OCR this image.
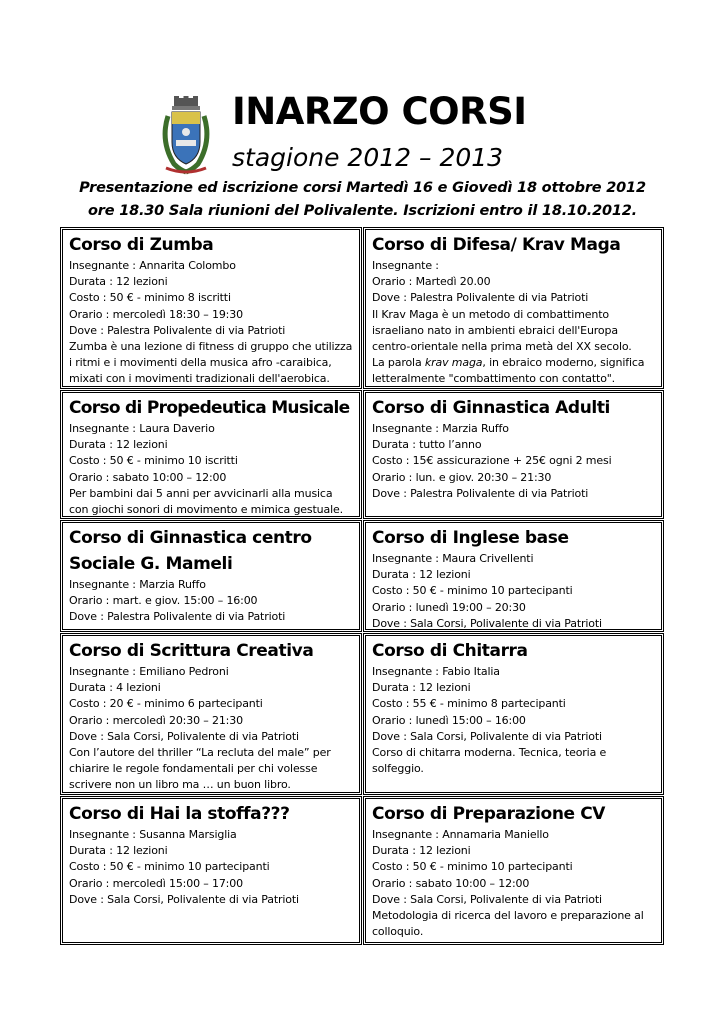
INARZO CORSI
stagione 2012 – 2013
Presentazione ed iscrizione corsi Martedì 16 e Giovedì 18 ottobre 2012
ore 18.30 Sala riunioni del Polivalente. Iscrizioni entro il 18.10.2012.
Corso di Zumba
Insegnante : Annarita Colombo
Durata : 12 lezioni
Costo : 50 € - minimo 8 iscritti
Orario : mercoledì 18:30 – 19:30
Dove : Palestra Polivalente di via Patrioti
Zumba è una lezione di fitness di gruppo che utilizza i ritmi e i movimenti della musica afro -caraibica, mixati con i movimenti tradizionali dell'aerobica.
Corso di Difesa/ Krav Maga
Insegnante :
Orario : Martedì 20.00
Dove : Palestra Polivalente di via Patrioti
Il Krav Maga è un metodo di combattimento israeliano nato in ambienti ebraici dell'Europa centro-orientale nella prima metà del XX secolo.
La parola krav maga, in ebraico moderno, significa letteralmente "combattimento con contatto".
Corso di Propedeutica Musicale
Insegnante : Laura Daverio
Durata : 12 lezioni
Costo : 50 € - minimo 10 iscritti
Orario : sabato 10:00 – 12:00
Per bambini dai 5 anni per avvicinarli alla musica con giochi sonori di movimento e mimica gestuale.
Corso di Ginnastica Adulti
Insegnante : Marzia Ruffo
Durata : tutto l’anno
Costo : 15€ assicurazione + 25€ ogni 2 mesi
Orario : lun. e giov. 20:30 – 21:30
Dove : Palestra Polivalente di via Patrioti
Corso di Ginnastica centro Sociale G. Mameli
Insegnante : Marzia Ruffo
Orario : mart. e giov. 15:00 – 16:00
Dove : Palestra Polivalente di via Patrioti
Corso di Inglese base
Insegnante : Maura Crivellenti
Durata : 12 lezioni
Costo : 50 € - minimo 10 partecipanti
Orario : lunedì 19:00 – 20:30
Dove : Sala Corsi, Polivalente di via Patrioti
Corso di Scrittura Creativa
Insegnante : Emiliano Pedroni
Durata : 4 lezioni
Costo : 20 € - minimo 6 partecipanti
Orario : mercoledì 20:30 – 21:30
Dove : Sala Corsi, Polivalente di via Patrioti
Con l’autore del thriller “La recluta del male” per chiarire le regole fondamentali per chi volesse scrivere non un libro ma … un buon libro.
Corso di Chitarra
Insegnante : Fabio Italia
Durata : 12 lezioni
Costo : 55 € - minimo 8 partecipanti
Orario : lunedì 15:00 – 16:00
Dove : Sala Corsi, Polivalente di via Patrioti
Corso di chitarra moderna. Tecnica, teoria e solfeggio.
Corso di Hai la stoffa???
Insegnante : Susanna Marsiglia
Durata : 12 lezioni
Costo : 50 € - minimo 10 partecipanti
Orario : mercoledì 15:00 – 17:00
Dove : Sala Corsi, Polivalente di via Patrioti
Corso di Preparazione CV
Insegnante : Annamaria Maniello
Durata : 12 lezioni
Costo : 50 € - minimo 10 partecipanti
Orario : sabato 10:00 – 12:00
Dove : Sala Corsi, Polivalente di via Patrioti
Metodologia di ricerca del lavoro e preparazione al colloquio.
